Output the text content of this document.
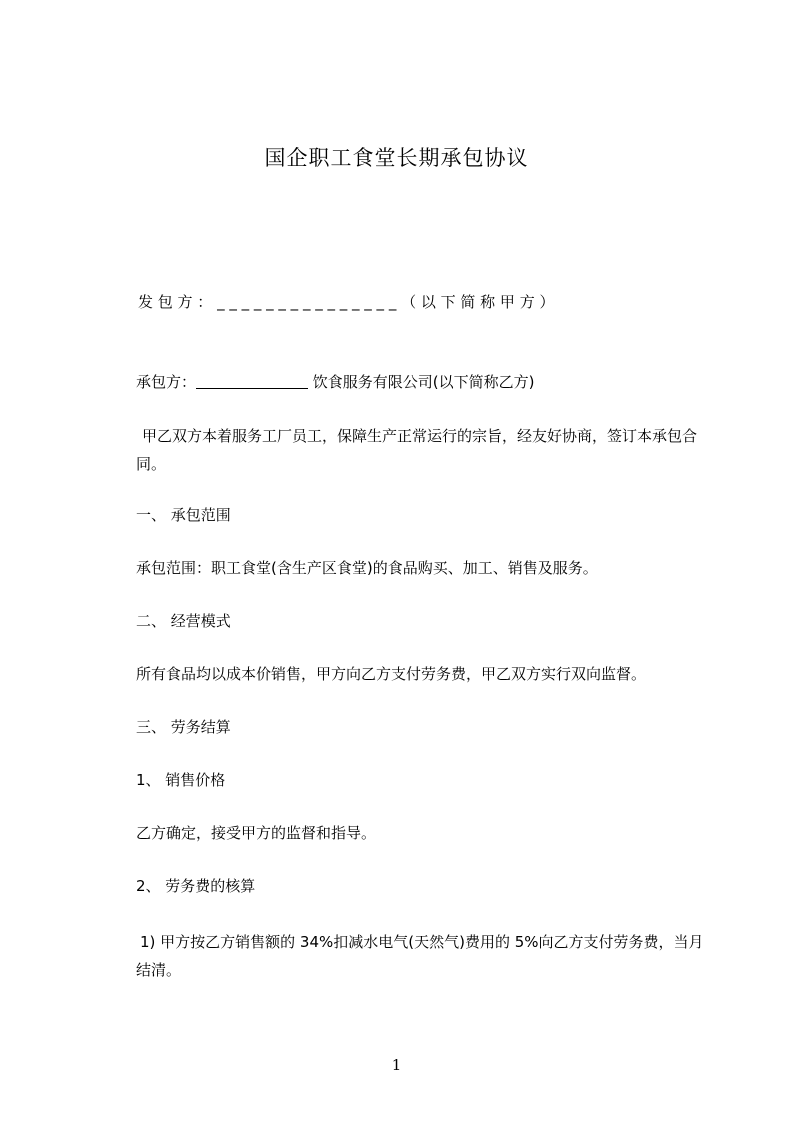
国企职工食堂长期承包协议
发 包 方 ： _ _ _ _ _ _ _ _ _ _ _ _ _ _ _ （ 以 下 简 称 甲 方 ）
承包方：	饮食服务有限公司(以下简称乙方)
甲乙双方本着服务工厂员工，保障生产正常运行的宗旨，经友好协商，签订本承包合同。
一、 承包范围
承包范围：职工食堂(含生产区食堂)的食品购买、加工、销售及服务。
二、 经营模式
所有食品均以成本价销售，甲方向乙方支付劳务费，甲乙双方实行双向监督。
三、 劳务结算
1、 销售价格
乙方确定，接受甲方的监督和指导。
2、 劳务费的核算
1) 甲方按乙方销售额的 34%扣减水电气(天然气)费用的 5%向乙方支付劳务费，当月结清。
1
